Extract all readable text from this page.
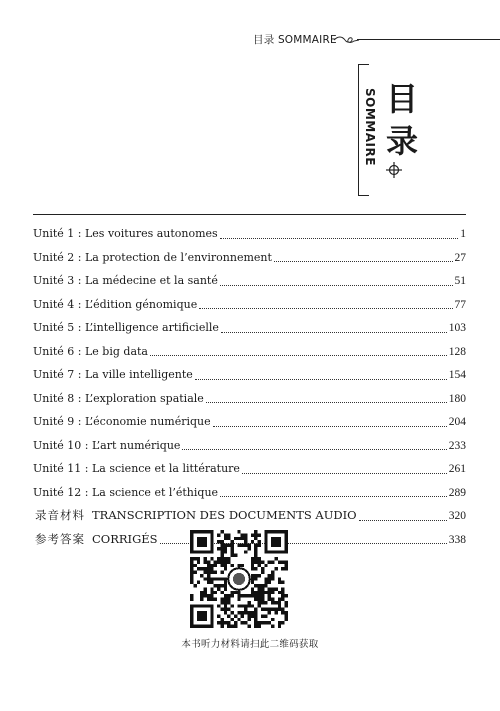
目录 SOMMAIRE
SOMMAIRE 目录
Unité 1 : Les voitures autonomes	1
Unité 2 : La protection de l’environnement	27
Unité 3 : La médecine et la santé	51
Unité 4 : L’édition génomique	77
Unité 5 : L’intelligence artificielle	103
Unité 6 : Le big data	128
Unité 7 : La ville intelligente	154
Unité 8 : L’exploration spatiale	180
Unité 9 : L’économie numérique	204
Unité 10 : L’art numérique	233
Unité 11 : La science et la littérature	261
Unité 12 : La science et l’éthique	289
录音材料 TRANSCRIPTION DES DOCUMENTS AUDIO	320
参考答案 CORRIGÉS	338
本书听力材料请扫此二维码获取
